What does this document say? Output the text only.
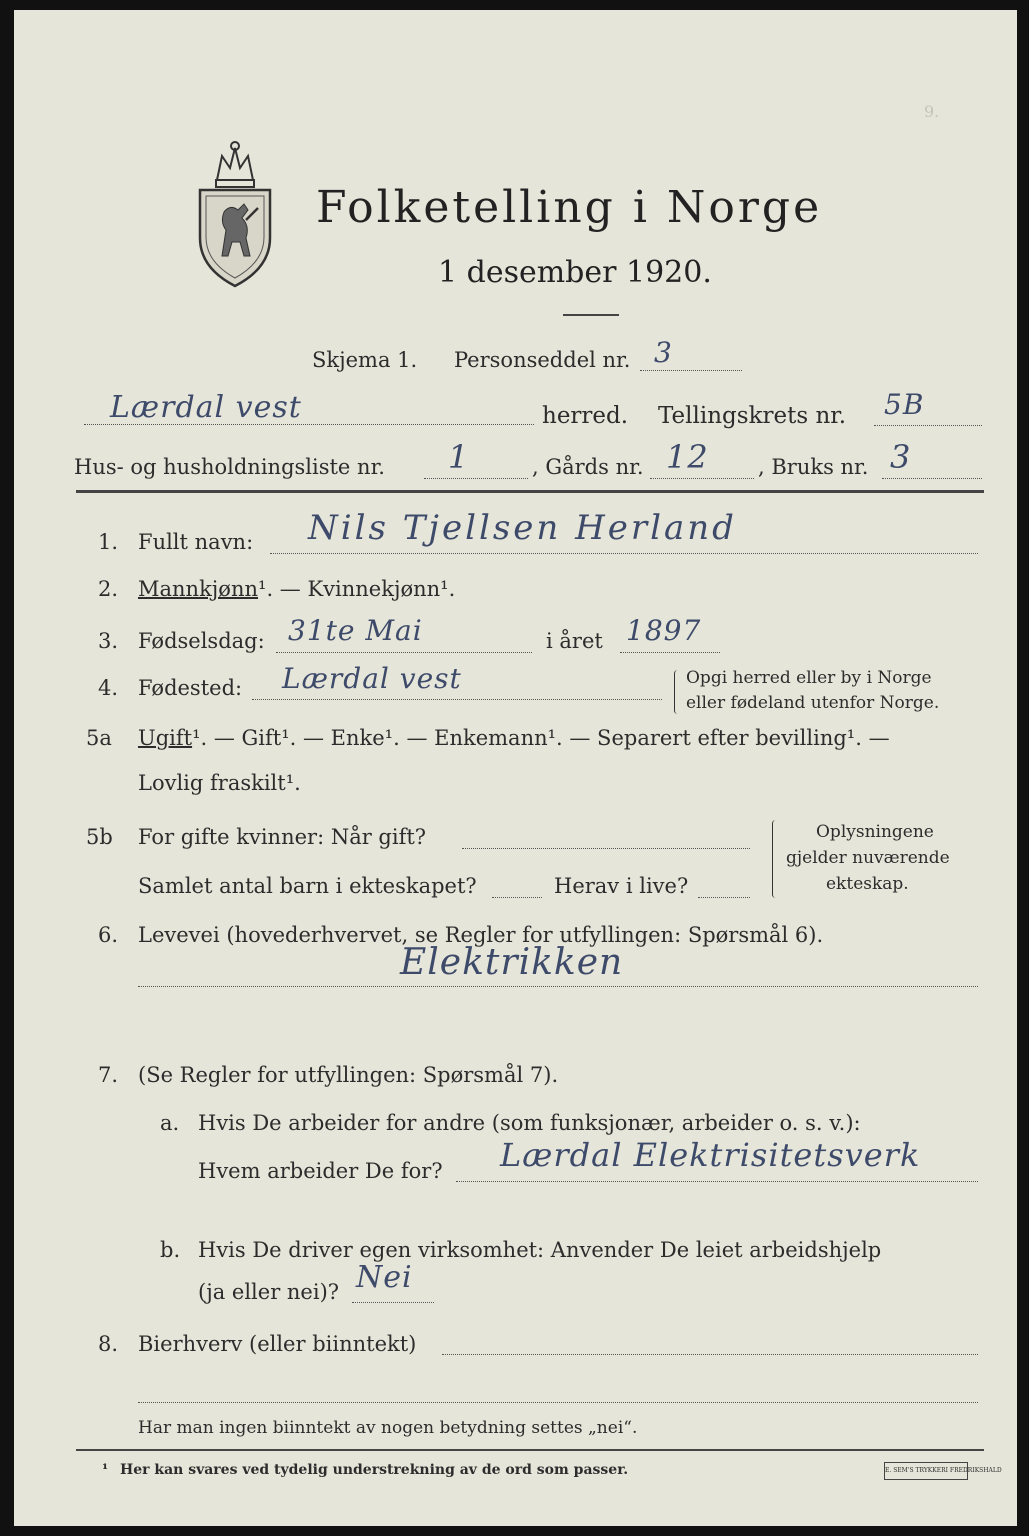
Folketelling i Norge
1 desember 1920.
9.
Skjema 1. Personseddel nr. 3
Lærdal vest	herred. Tellingskrets nr. 5B
Hus- og husholdningsliste nr. 1	, Gårds nr. 12 , Bruks nr. 3
1. Fullt navn: Nils Tjellsen Herland
2. Mannkjønn¹. — Kvinnekjønn¹.
3. Fødselsdag: 31te Mai	i året 1897
4. Fødested: Lærdal vest	Opgi herred eller by i Norge
eller fødeland utenfor Norge.
5a Ugift¹. — Gift¹. — Enke¹. — Enkemann¹. — Separert efter bevilling¹. —
Lovlig fraskilt¹.
5b For gifte kvinner: Når gift?
Samlet antal barn i ekteskapet?	Herav i live?
Oplysningene
gjelder nuværende
ekteskap.
6. Levevei (hovederhvervet, se Regler for utfyllingen: Spørsmål 6).
Elektrikken
7. (Se Regler for utfyllingen: Spørsmål 7).
a. Hvis De arbeider for andre (som funksjonær, arbeider o. s. v.):
Hvem arbeider De for? Lærdal Elektrisitetsverk
b. Hvis De driver egen virksomhet: Anvender De leiet arbeidshjelp
(ja eller nei)? Nei
8. Bierhverv (eller biinntekt)
Har man ingen biinntekt av nogen betydning settes „nei“.
¹ Her kan svares ved tydelig understrekning av de ord som passer.	E. SEM'S TRYKKERI FREDRIKSHALD
